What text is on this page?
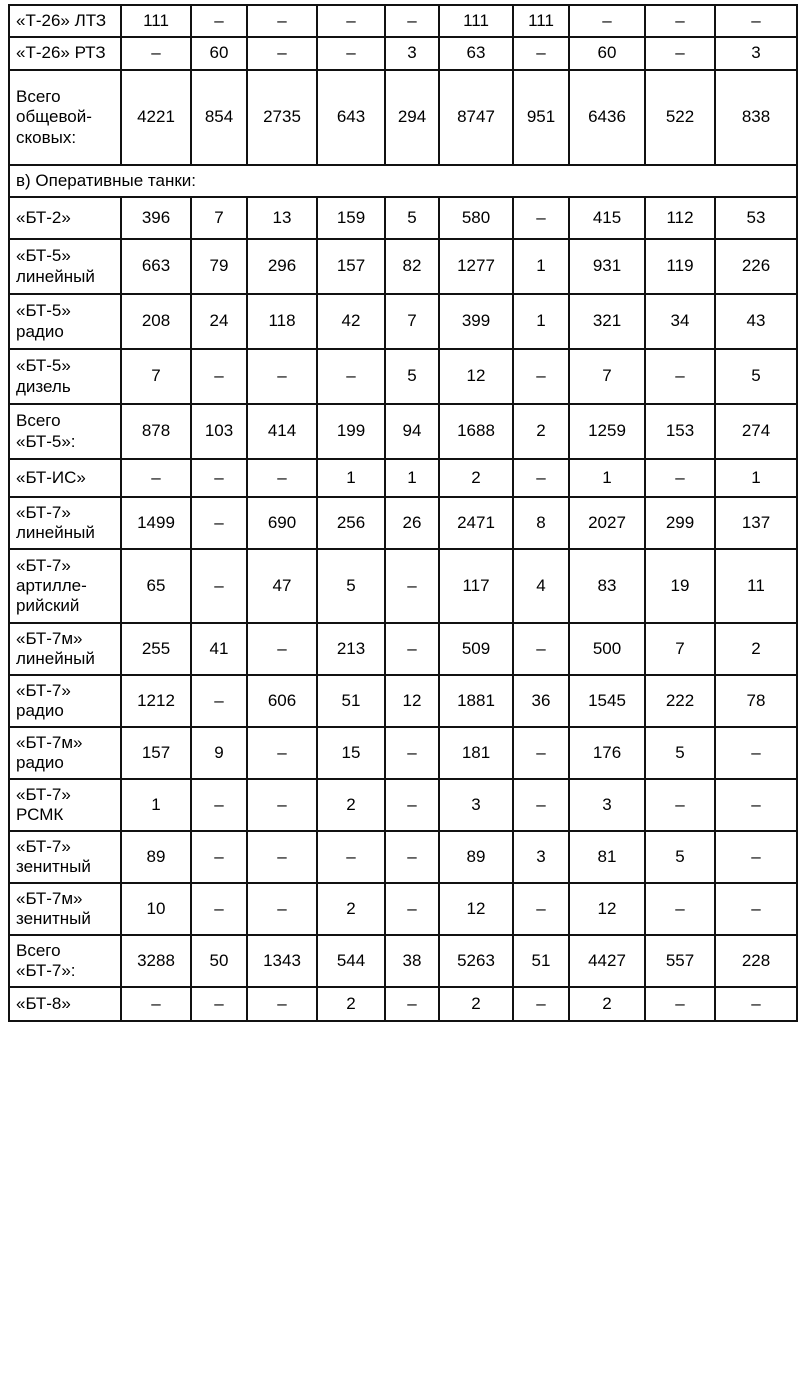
«Т-26» ЛТЗ	111	–	–	–	–	111	111	–	–	–
«Т-26» РТЗ	–	60	–	–	3	63	–	60	–	3
Всего общевой-сковых:	4221	854	2735	643	294	8747	951	6436	522	838
в) Оперативные танки:										
«БТ-2»	396	7	13	159	5	580	–	415	112	53
«БТ-5» линейный	663	79	296	157	82	1277	1	931	119	226
«БТ-5» радио	208	24	118	42	7	399	1	321	34	43
«БТ-5» дизель	7	–	–	–	5	12	–	7	–	5
Всего «БТ-5»:	878	103	414	199	94	1688	2	1259	153	274
«БТ-ИС»	–	–	–	1	1	2	–	1	–	1
«БТ-7» линейный	1499	–	690	256	26	2471	8	2027	299	137
«БТ-7» артилле-рийский	65	–	47	5	–	117	4	83	19	11
«БТ-7м» линейный	255	41	–	213	–	509	–	500	7	2
«БТ-7» радио	1212	–	606	51	12	1881	36	1545	222	78
«БТ-7м» радио	157	9	–	15	–	181	–	176	5	–
«БТ-7» РСМК	1	–	–	2	–	3	–	3	–	–
«БТ-7» зенитный	89	–	–	–	–	89	3	81	5	–
«БТ-7м» зенитный	10	–	–	2	–	12	–	12	–	–
Всего «БТ-7»:	3288	50	1343	544	38	5263	51	4427	557	228
«БТ-8»	–	–	–	2	–	2	–	2	–	–
